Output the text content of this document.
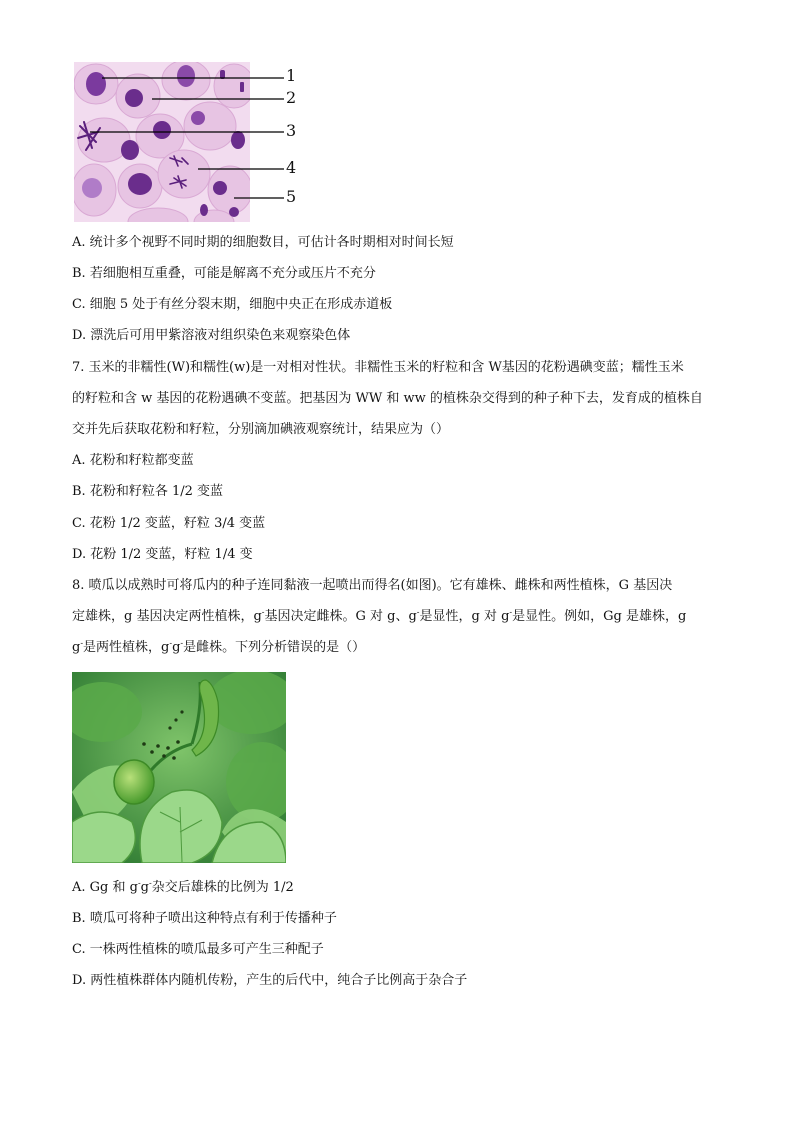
1
2
3
4
5
A. 统计多个视野不同时期的细胞数目，可估计各时期相对时间长短
B. 若细胞相互重叠，可能是解离不充分或压片不充分
C. 细胞 5 处于有丝分裂末期，细胞中央正在形成赤道板
D. 漂洗后可用甲紫溶液对组织染色来观察染色体
7. 玉米的非糯性(W)和糯性(w)是一对相对性状。非糯性玉米的籽粒和含 W基因的花粉遇碘变蓝；糯性玉米
的籽粒和含 w 基因的花粉遇碘不变蓝。把基因为 WW 和 ww 的植株杂交得到的种子种下去，发育成的植株自
交并先后获取花粉和籽粒，分别滴加碘液观察统计，结果应为（）
A. 花粉和籽粒都变蓝
B. 花粉和籽粒各 1/2 变蓝
C. 花粉 1/2 变蓝，籽粒 3/4 变蓝
D. 花粉 1/2 变蓝，籽粒 1/4 变
8. 喷瓜以成熟时可将瓜内的种子连同黏液一起喷出而得名(如图)。它有雄株、雌株和两性植株，G 基因决
定雄株，g 基因决定两性植株，g-基因决定雌株。G 对 g、g-是显性，g 对 g-是显性。例如，Gg 是雄株，g
g-是两性植株，g-g-是雌株。下列分析错误的是（）
A. Gg 和 g-g-杂交后雄株的比例为 1/2
B. 喷瓜可将种子喷出这种特点有利于传播种子
C. 一株两性植株的喷瓜最多可产生三种配子
D. 两性植株群体内随机传粉，产生的后代中，纯合子比例高于杂合子
